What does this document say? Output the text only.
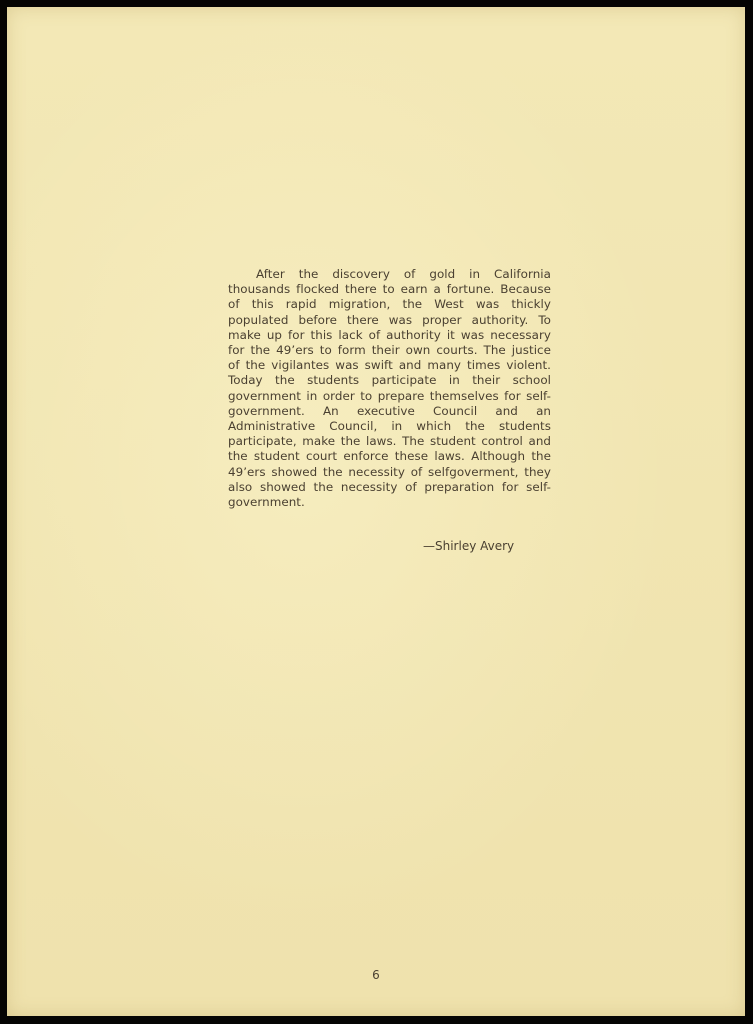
After the discovery of gold in California thousands flocked there to earn a fortune. Because of this rapid migration, the West was thickly populated before there was proper authority. To make up for this lack of authority it was necessary for the 49’ers to form their own courts. The justice of the vigilantes was swift and many times violent. Today the students participate in their school government in order to prepare themselves for self-government. An executive Council and an Administrative Council, in which the students participate, make the laws. The student control and the student court enforce these laws. Although the 49’ers showed the necessity of selfgoverment, they also showed the necessity of preparation for self-government.

—Shirley Avery

6
